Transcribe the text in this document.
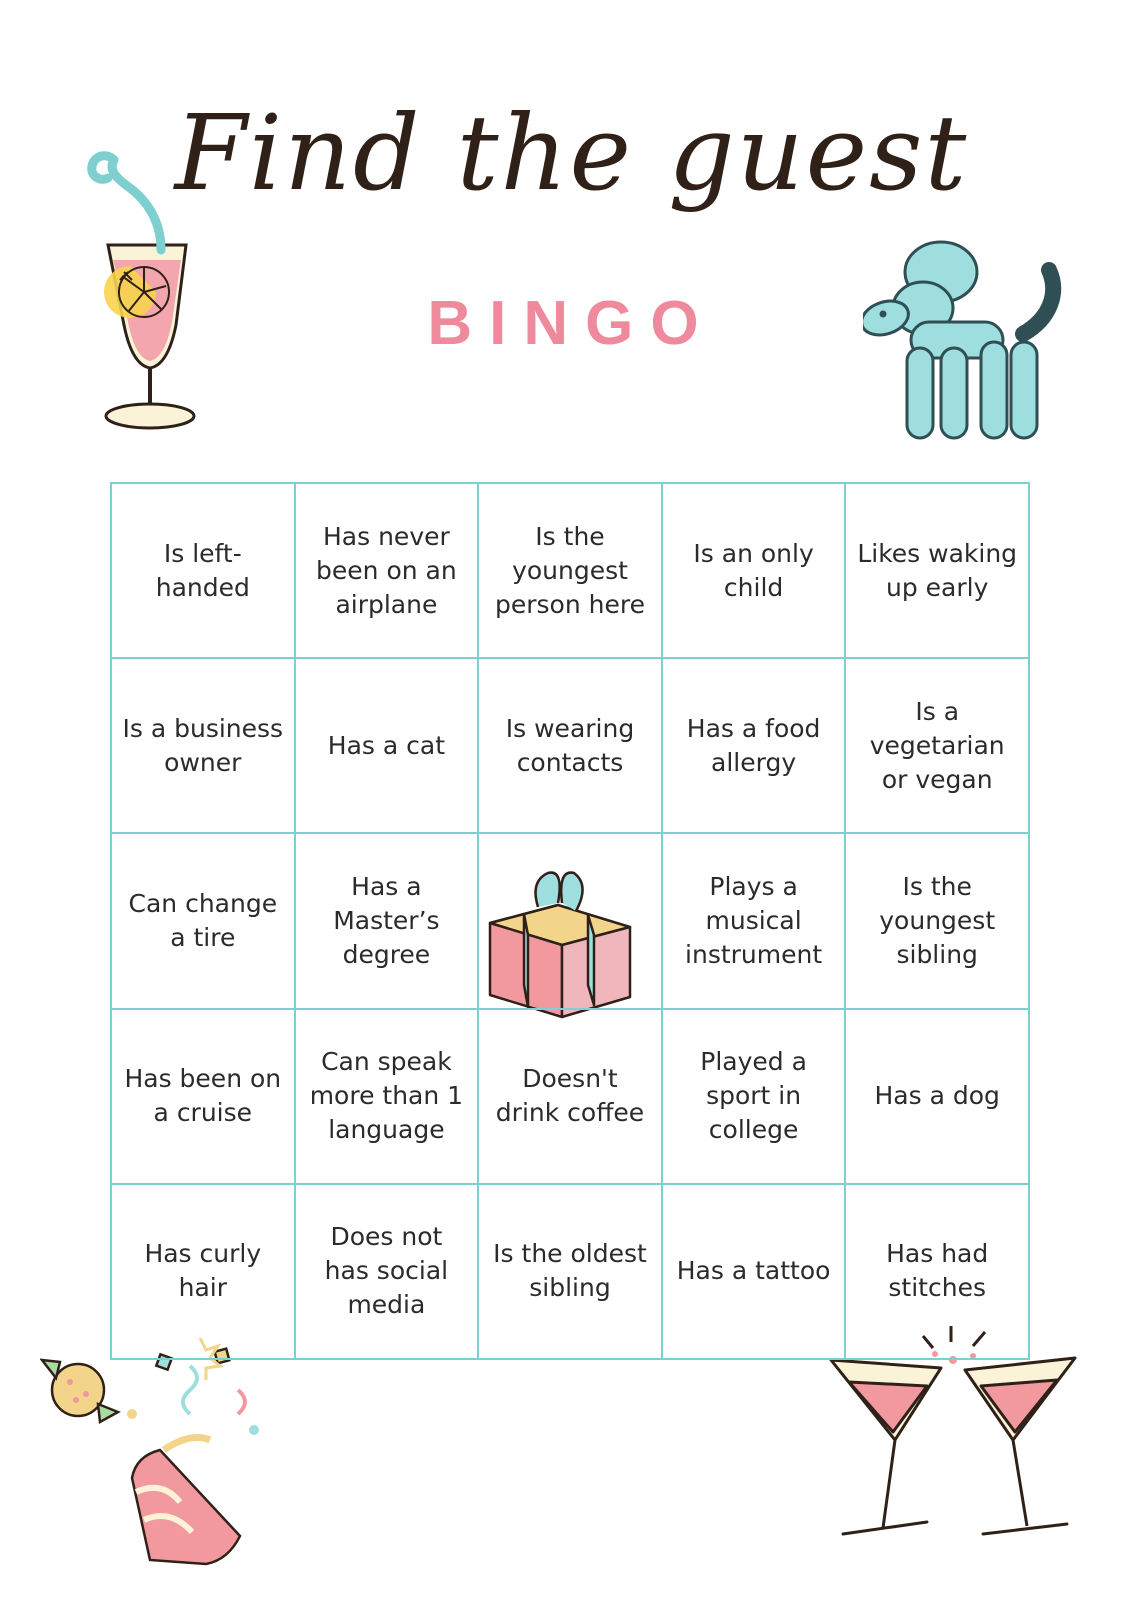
Find the guest
BINGO
Is left-handed
Has never been on an airplane
Is the youngest person here
Is an only child
Likes waking up early
Is a business owner
Has a cat
Is wearing contacts
Has a food allergy
Is a vegetarian or vegan
Can change a tire
Has a Master’s degree
Plays a musical instrument
Is the youngest sibling
Has been on a cruise
Can speak more than 1 language
Doesn't drink coffee
Played a sport in college
Has a dog
Has curly hair
Does not has social media
Is the oldest sibling
Has a tattoo
Has had stitches
